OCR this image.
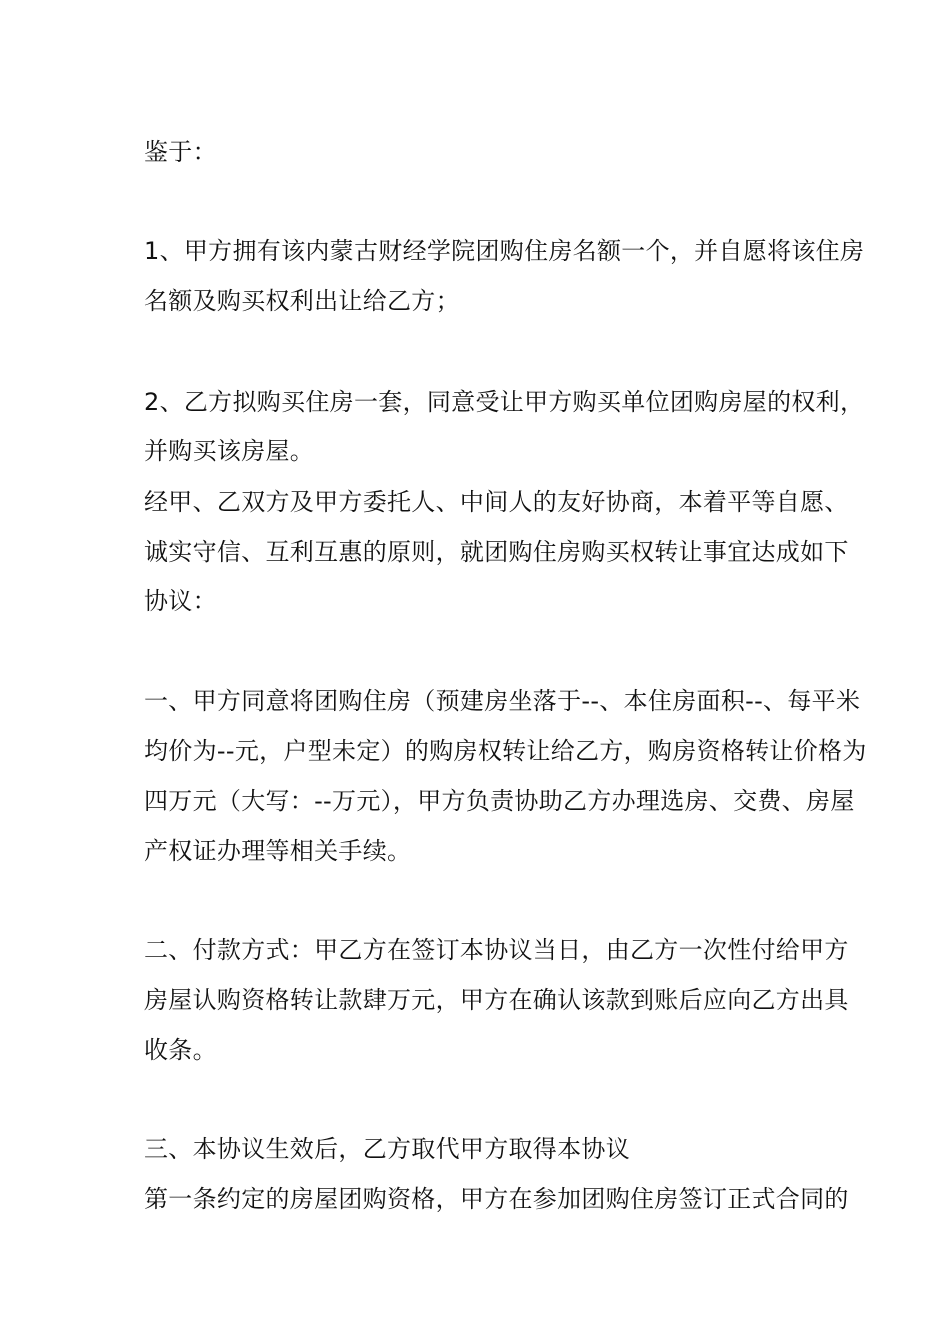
鉴于：
1、甲方拥有该内蒙古财经学院团购住房名额一个，并自愿将该住房
名额及购买权利出让给乙方；
2、乙方拟购买住房一套，同意受让甲方购买单位团购房屋的权利，
并购买该房屋。
经甲、乙双方及甲方委托人、中间人的友好协商，本着平等自愿、
诚实守信、互利互惠的原则，就团购住房购买权转让事宜达成如下
协议：
一、甲方同意将团购住房（预建房坐落于--、本住房面积--、每平米
均价为--元，户型未定）的购房权转让给乙方，购房资格转让价格为
四万元（大写：--万元），甲方负责协助乙方办理选房、交费、房屋
产权证办理等相关手续。
二、付款方式：甲乙方在签订本协议当日，由乙方一次性付给甲方
房屋认购资格转让款肆万元，甲方在确认该款到账后应向乙方出具
收条。
三、本协议生效后，乙方取代甲方取得本协议
第一条约定的房屋团购资格，甲方在参加团购住房签订正式合同的
